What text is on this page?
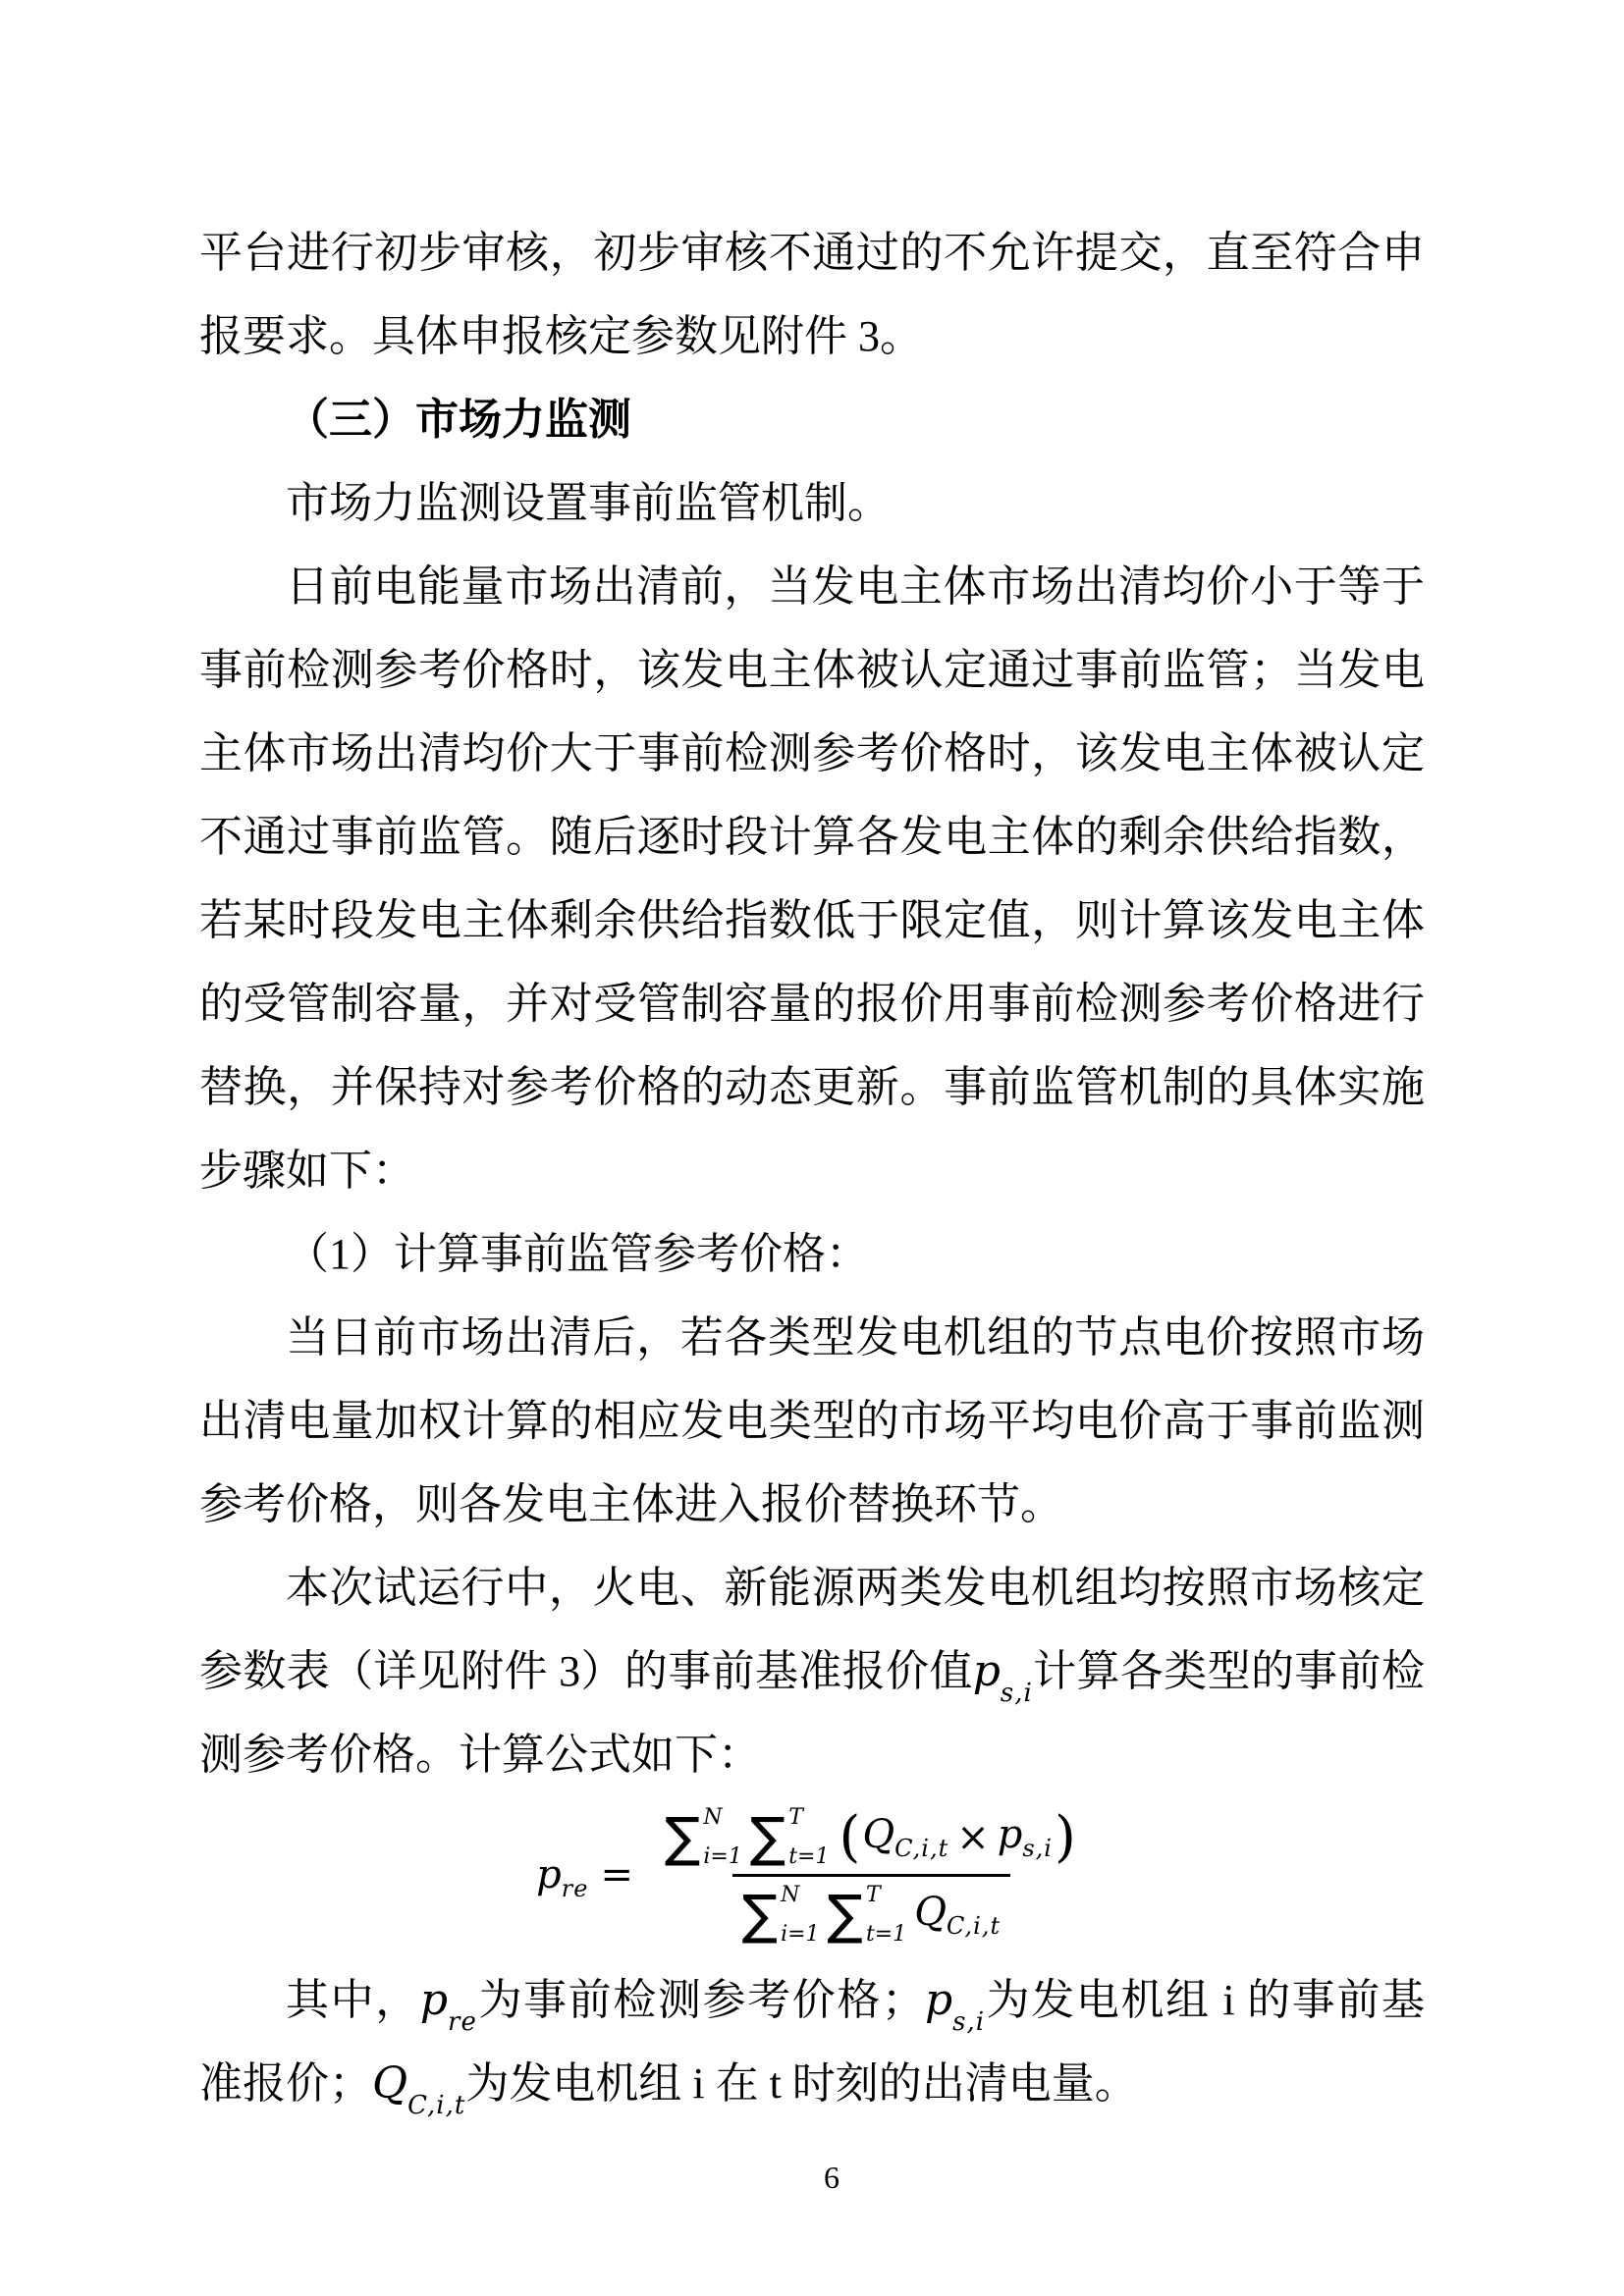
平台进行初步审核，初步审核不通过的不允许提交，直至符合申
报要求。具体申报核定参数见附件 3。
（三）市场力监测
市场力监测设置事前监管机制。
日前电能量市场出清前，当发电主体市场出清均价小于等于
事前检测参考价格时，该发电主体被认定通过事前监管；当发电
主体市场出清均价大于事前检测参考价格时，该发电主体被认定
不通过事前监管。随后逐时段计算各发电主体的剩余供给指数，
若某时段发电主体剩余供给指数低于限定值，则计算该发电主体
的受管制容量，并对受管制容量的报价用事前检测参考价格进行
替换，并保持对参考价格的动态更新。事前监管机制的具体实施
步骤如下：
（1）计算事前监管参考价格：
当日前市场出清后，若各类型发电机组的节点电价按照市场
出清电量加权计算的相应发电类型的市场平均电价高于事前监测
参考价格，则各发电主体进入报价替换环节。
本次试运行中，火电、新能源两类发电机组均按照市场核定
参数表（详见附件 3）的事前基准报价值$p_{s,i}$计算各类型的事前检
测参考价格。计算公式如下：
$p_{re}$ =
∑ N
i=1 ∑ T
t=1 ( $Q_{C,i,t} \times p_{s,i}$ )
∑ N
i=1 ∑ T
t=1 $Q_{C,i,t}$
其中，$p_{re}$为事前检测参考价格；$p_{s,i}$为发电机组 i 的事前基
准报价；$Q_{C,i,t}$为发电机组 i 在 t 时刻的出清电量。
6
